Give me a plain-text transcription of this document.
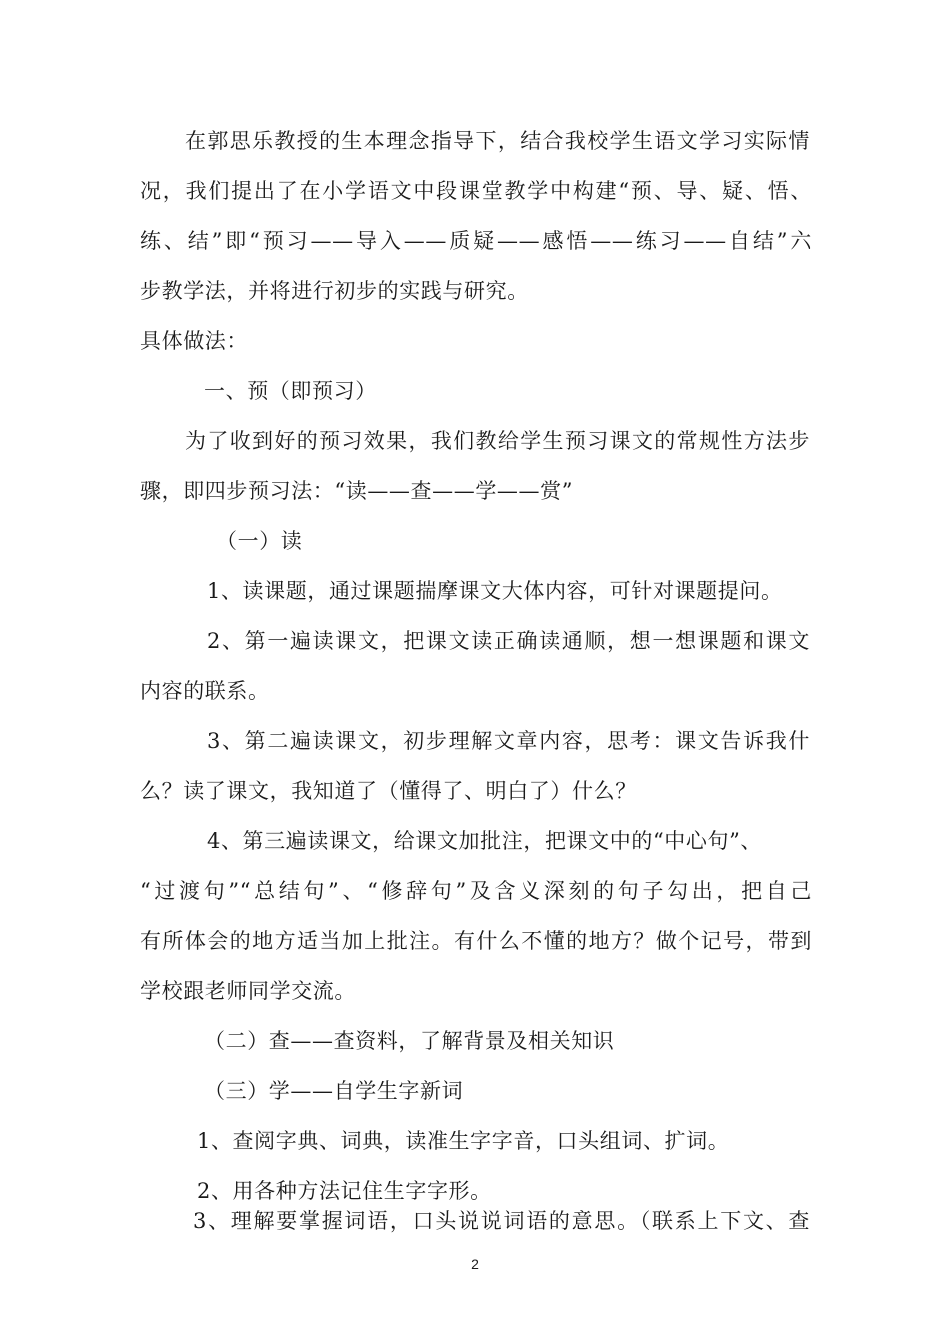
在郭思乐教授的生本理念指导下，结合我校学生语文学习实际情
况，我们提出了在小学语文中段课堂教学中构建“预、导、疑、悟、
练、结”即“预习——导入——质疑——感悟——练习——自结”六
步教学法，并将进行初步的实践与研究。
具体做法：
一、预（即预习）
为了收到好的预习效果，我们教给学生预习课文的常规性方法步
骤，即四步预习法：“读——查——学——赏”
（一）读
1、读课题，通过课题揣摩课文大体内容，可针对课题提问。
2、第一遍读课文，把课文读正确读通顺，想一想课题和课文
内容的联系。
3、第二遍读课文，初步理解文章内容，思考：课文告诉我什
么？读了课文，我知道了（懂得了、明白了）什么？
4、第三遍读课文，给课文加批注，把课文中的“中心句”、
“过渡句”“总结句”、“修辞句”及含义深刻的句子勾出，把自己
有所体会的地方适当加上批注。有什么不懂的地方？做个记号，带到
学校跟老师同学交流。
（二）查——查资料，了解背景及相关知识
（三）学——自学生字新词
1、查阅字典、词典，读准生字字音，口头组词、扩词。
2、用各种方法记住生字字形。
3、理解要掌握词语，口头说说词语的意思。（联系上下文、查
2
